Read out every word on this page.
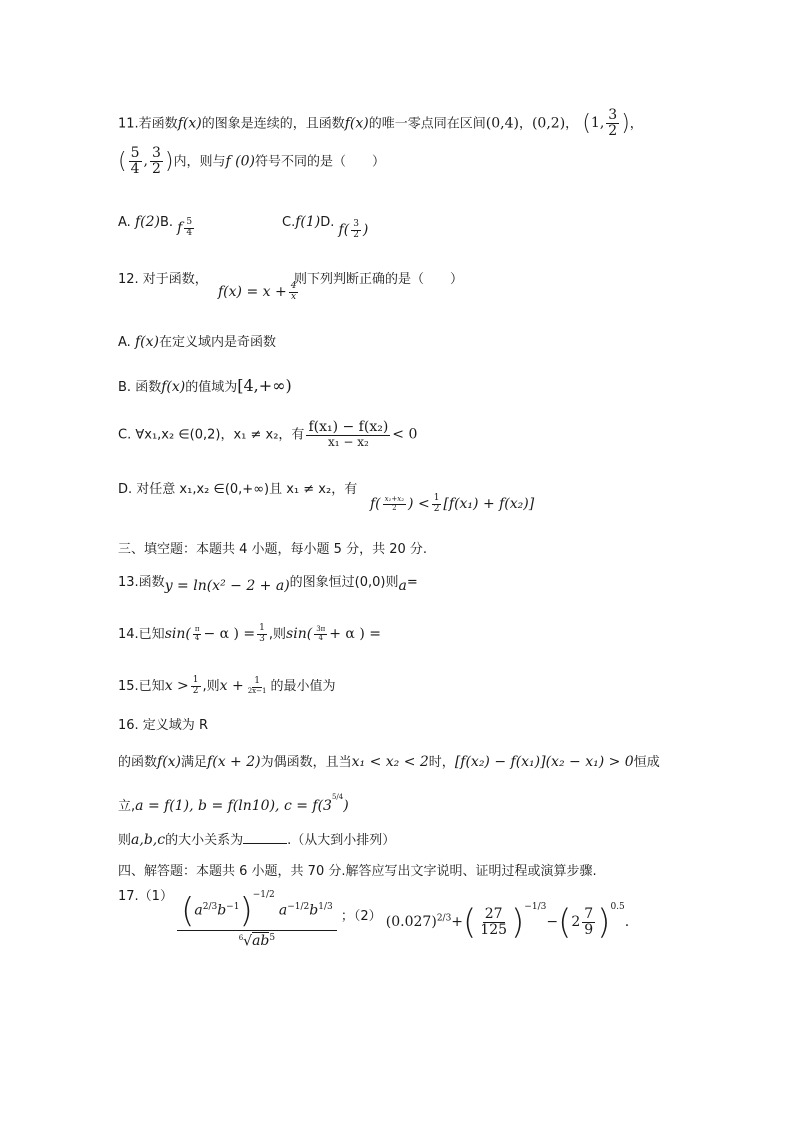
11.若函数f(x)的图象是连续的，且函数f(x)的唯一零点同在区间(0,4)，(0,2)， (1, $\frac{3}{2}$ )，
( $\frac{5}{4}$ , $\frac{3}{2}$ )内，则与f (0)符号不同的是（　　）
A. f(2)B. f $\frac{5}{4}$	C.f(1)D. $f( \frac{3}{2}$ )
12. 对于函数，
$f(x) = x + \frac{4}{x}$
则下列判断正确的是（　　）
A. f(x)在定义域内是奇函数
B. 函数f(x)的值域为[4,+∞)
C. ∀x₁,x₂ ∈(0,2)，x₁ ≠ x₂，有 $\frac{\text{f(x₁) − f(x₂)}}{\text{x₁ − x₂}} < 0$
D. 对任意 x₁,x₂ ∈(0,+∞)且 x₁ ≠ x₂，有
$f( \frac{\text{x₁+x₂}}{2}$ ) < $\frac{1}{2} [f(x_1) + f(x_2)]$
三、填空题：本题共 4 小题，每小题 5 分，共 20 分.
13.函数y = ln(x² − 2 + a)的图象恒过(0,0)则a=
14.已知$\sin( \frac{\pi}{4} - \alpha$ ) = $\frac{1}{3}$ ,则$\sin( \frac{3\pi}{4} + \alpha$ ) =
15.已知$x > \frac{1}{2}$ ,则$x + \frac{1}{2x-1}$ 的最小值为
16. 定义域为 R
的函数f(x)满足f(x + 2)为偶函数，且当x₁ < x₂ < 2时，[f(x₂) − f(x₁)](x₂ − x₁) > 0恒成
立,a = f(1), b = f(ln10), $c = f(3^{5/4})$
则a,b,c的大小关系为	.（从大到小排列）
四、解答题：本题共 6 小题，共 70 分.解答应写出文字说明、证明过程或演算步骤.
$17.(1) \frac{(a^{2/3}b^{-1})^{-1/2} a^{-1/2}b^{1/3}}{^6√ab^5}$ ；（2） $(0.027)^{2/3}+( \frac{27}{125} )^{-1/3}-(2 \frac{7}{9} )^{0.5}$.
